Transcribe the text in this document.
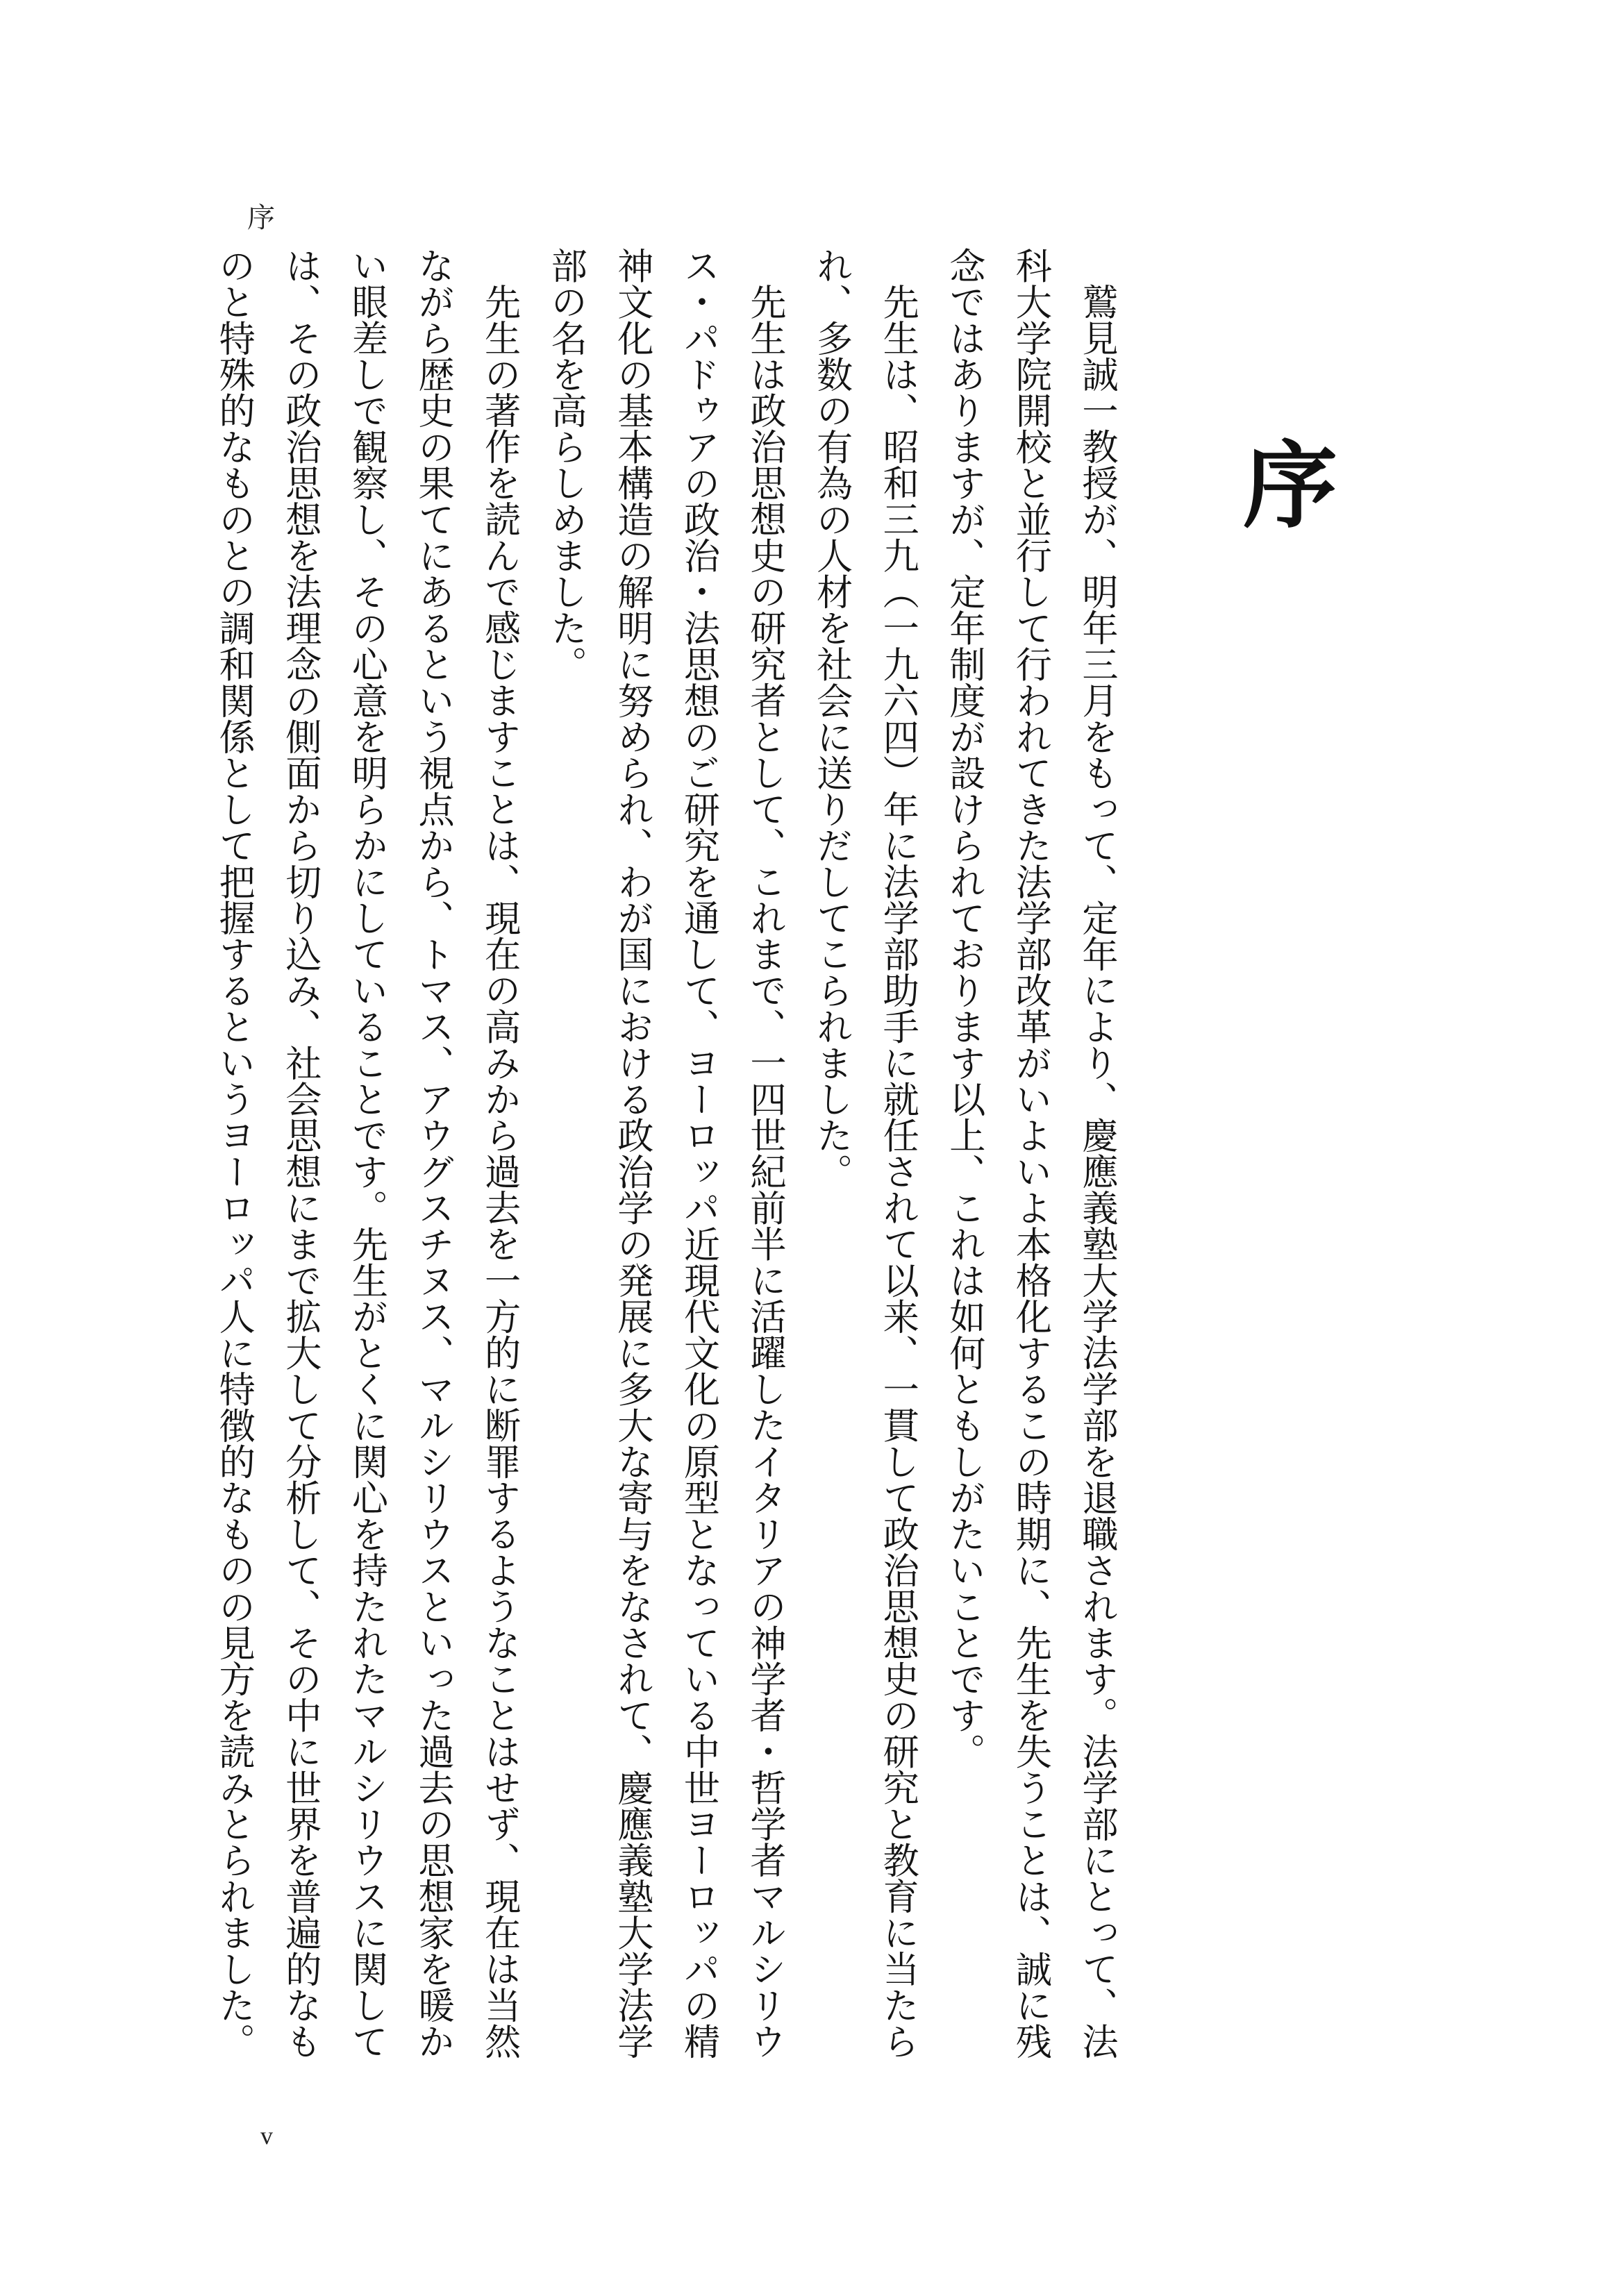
序
序

鷲見誠一教授が、明年三月をもって、定年により、慶應義塾大学法学部を退職されます。法学部にとって、法
科大学院開校と並行して行われてきた法学部改革がいよいよ本格化するこの時期に、先生を失うことは、誠に残
念ではありますが、定年制度が設けられております以上、これは如何ともしがたいことです。

先生は、昭和三九（一九六四）年に法学部助手に就任されて以来、一貫して政治思想史の研究と教育に当たら
れ、多数の有為の人材を社会に送りだしてこられました。

先生は政治思想史の研究者として、これまで、一四世紀前半に活躍したイタリアの神学者・哲学者マルシリウ
ス・パドゥアの政治・法思想のご研究を通して、ヨーロッパ近現代文化の原型となっている中世ヨーロッパの精
神文化の基本構造の解明に努められ、わが国における政治学の発展に多大な寄与をなされて、慶應義塾大学法学
部の名を高らしめました。

先生の著作を読んで感じますことは、現在の高みから過去を一方的に断罪するようなことはせず、現在は当然
ながら歴史の果てにあるという視点から、トマス、アウグスチヌス、マルシリウスといった過去の思想家を暖か
い眼差しで観察し、その心意を明らかにしていることです。先生がとくに関心を持たれたマルシリウスに関して
は、その政治思想を法理念の側面から切り込み、社会思想にまで拡大して分析して、その中に世界を普遍的なも
のと特殊的なものとの調和関係として把握するというヨーロッパ人に特徴的なものの見方を読みとられました。

v
